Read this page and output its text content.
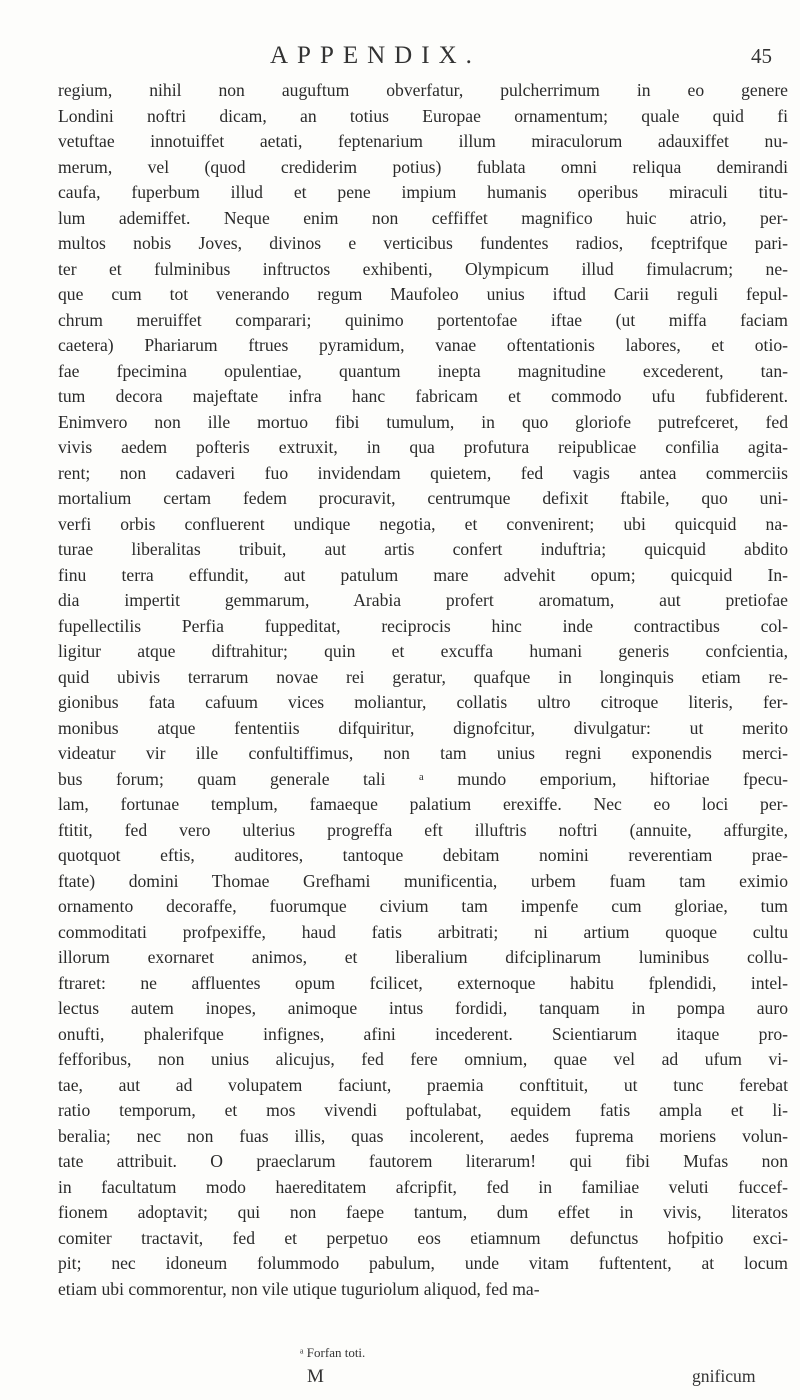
APPENDIX.	45
regium, nihil non auguftum obverfatur, pulcherrimum in eo genere
Londini noftri dicam, an totius Europae ornamentum; quale quid fi
vetuftae innotuiffet aetati, feptenarium illum miraculorum adauxiffet nu-
merum, vel (quod crediderim potius) fublata omni reliqua demirandi
caufa, fuperbum illud et pene impium humanis operibus miraculi titu-
lum ademiffet. Neque enim non ceffiffet magnifico huic atrio, per-
multos nobis Joves, divinos e verticibus fundentes radios, fceptrifque pari-
ter et fulminibus inftructos exhibenti, Olympicum illud fimulacrum; ne-
que cum tot venerando regum Maufoleo unius iftud Carii reguli fepul-
chrum meruiffet comparari; quinimo portentofae iftae (ut miffa faciam
caetera) Phariarum ftrues pyramidum, vanae oftentationis labores, et otio-
fae fpecimina opulentiae, quantum inepta magnitudine excederent, tan-
tum decora majeftate infra hanc fabricam et commodo ufu fubfiderent.
Enimvero non ille mortuo fibi tumulum, in quo gloriofe putrefceret, fed
vivis aedem pofteris extruxit, in qua profutura reipublicae confilia agita-
rent; non cadaveri fuo invidendam quietem, fed vagis antea commerciis
mortalium certam fedem procuravit, centrumque defixit ftabile, quo uni-
verfi orbis confluerent undique negotia, et convenirent; ubi quicquid na-
turae liberalitas tribuit, aut artis confert induftria; quicquid abdito
finu terra effundit, aut patulum mare advehit opum; quicquid In-
dia impertit gemmarum, Arabia profert aromatum, aut pretiofae
fupellectilis Perfia fuppeditat, reciprocis hinc inde contractibus col-
ligitur atque diftrahitur; quin et excuffa humani generis confcientia,
quid ubivis terrarum novae rei geratur, quafque in longinquis etiam re-
gionibus fata cafuum vices moliantur, collatis ultro citroque literis, fer-
monibus atque fententiis difquiritur, dignofcitur, divulgatur: ut merito
videatur vir ille confultiffimus, non tam unius regni exponendis merci-
bus forum; quam generale tali ᵃ mundo emporium, hiftoriae fpecu-
lam, fortunae templum, famaeque palatium erexiffe. Nec eo loci per-
ftitit, fed vero ulterius progreffa eft illuftris noftri (annuite, affurgite,
quotquot eftis, auditores, tantoque debitam nomini reverentiam prae-
ftate) domini Thomae Grefhami munificentia, urbem fuam tam eximio
ornamento decoraffe, fuorumque civium tam impenfe cum gloriae, tum
commoditati profpexiffe, haud fatis arbitrati; ni artium quoque cultu
illorum exornaret animos, et liberalium difciplinarum luminibus collu-
ftraret: ne affluentes opum fcilicet, externoque habitu fplendidi, intel-
lectus autem inopes, animoque intus fordidi, tanquam in pompa auro
onufti, phalerifque infignes, afini incederent. Scientiarum itaque pro-
fefforibus, non unius alicujus, fed fere omnium, quae vel ad ufum vi-
tae, aut ad volupatem faciunt, praemia conftituit, ut tunc ferebat
ratio temporum, et mos vivendi poftulabat, equidem fatis ampla et li-
beralia; nec non fuas illis, quas incolerent, aedes fuprema moriens volun-
tate attribuit. O praeclarum fautorem literarum! qui fibi Mufas non
in facultatum modo haereditatem afcripfit, fed in familiae veluti fuccef-
fionem adoptavit; qui non faepe tantum, dum effet in vivis, literatos
comiter tractavit, fed et perpetuo eos etiamnum defunctus hofpitio exci-
pit; nec idoneum folummodo pabulum, unde vitam fuftentent, at locum
etiam ubi commorentur, non vile utique tuguriolum aliquod, fed ma-
ᵃ Forfan toti.
M	gnificum
